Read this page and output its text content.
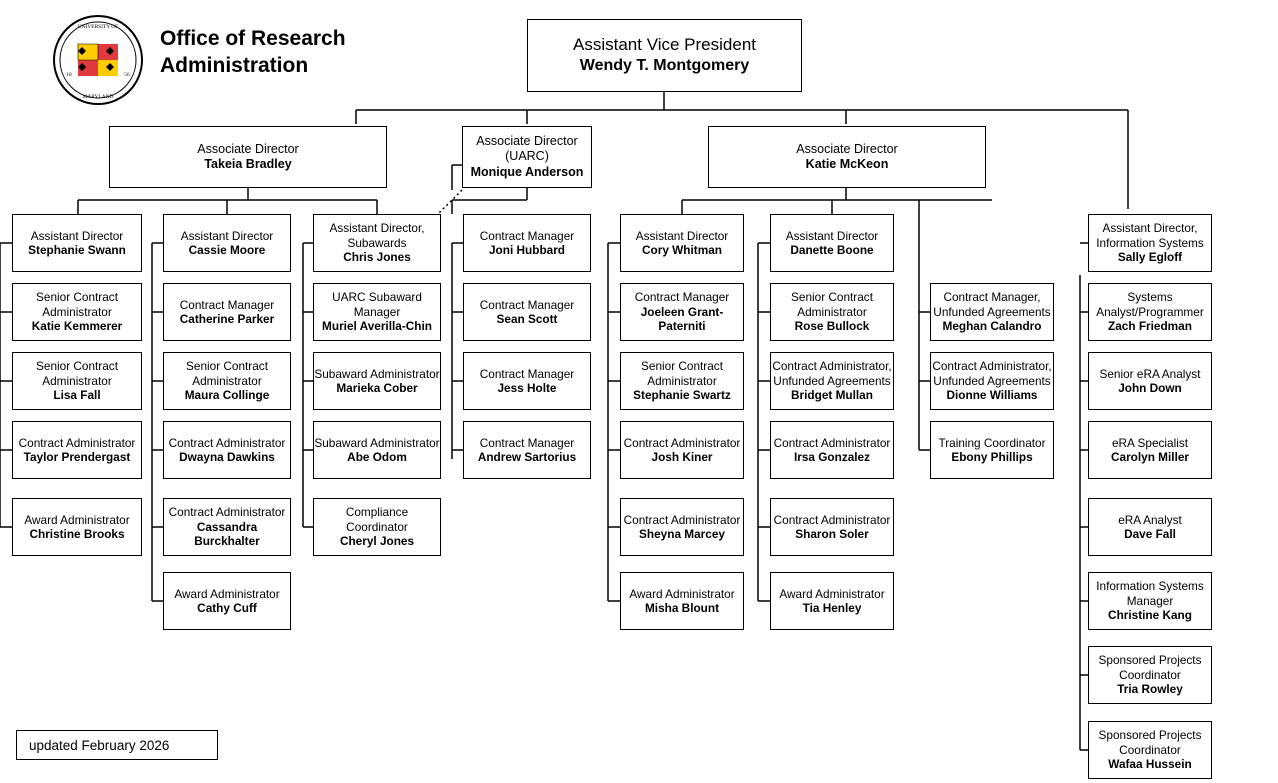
UNIVERSITY OF
MARYLAND
18	56
Office of Research
Administration
Assistant Vice President
Wendy T. Montgomery
Associate Director
Takeia Bradley
Associate Director
(UARC)
Monique Anderson
Associate Director
Katie McKeon
Assistant Director
Stephanie Swann
Senior Contract
Administrator
Katie Kemmerer
Senior Contract
Administrator
Lisa Fall
Contract Administrator
Taylor Prendergast
Award Administrator
Christine Brooks
Assistant Director
Cassie Moore
Contract Manager
Catherine Parker
Senior Contract
Administrator
Maura Collinge
Contract Administrator
Dwayna Dawkins
Contract Administrator
Cassandra Burckhalter
Award Administrator
Cathy Cuff
Assistant Director,
Subawards
Chris Jones
UARC Subaward
Manager
Muriel Averilla-Chin
Subaward Administrator
Marieka Cober
Subaward Administrator
Abe Odom
Compliance Coordinator
Cheryl Jones
Contract Manager
Joni Hubbard
Contract Manager
Sean Scott
Contract Manager
Jess Holte
Contract Manager
Andrew Sartorius
Assistant Director
Cory Whitman
Contract Manager
Joeleen Grant-Paterniti
Senior Contract
Administrator
Stephanie Swartz
Contract Administrator
Josh Kiner
Contract Administrator
Sheyna Marcey
Award Administrator
Misha Blount
Assistant Director
Danette Boone
Senior Contract
Administrator
Rose Bullock
Contract Administrator,
Unfunded Agreements
Bridget Mullan
Contract Administrator
Irsa Gonzalez
Contract Administrator
Sharon Soler
Award Administrator
Tia Henley
Contract Manager,
Unfunded Agreements
Meghan Calandro
Contract Administrator,
Unfunded Agreements
Dionne Williams
Training Coordinator
Ebony Phillips
Assistant Director,
Information Systems
Sally Egloff
Systems
Analyst/Programmer
Zach Friedman
Senior eRA Analyst
John Down
eRA Specialist
Carolyn Miller
eRA Analyst
Dave Fall
Information Systems
Manager
Christine Kang
Sponsored Projects
Coordinator
Tria Rowley
Sponsored Projects
Coordinator
Wafaa Hussein
updated February 2026
